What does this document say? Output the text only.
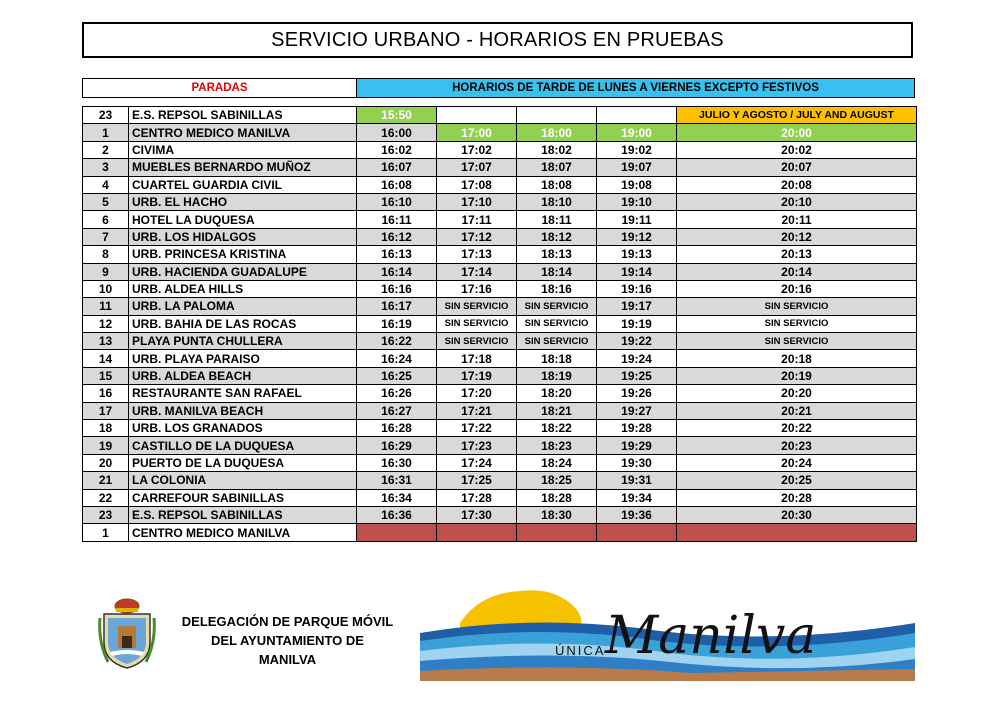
SERVICIO URBANO - HORARIOS EN PRUEBAS
PARADAS	HORARIOS DE TARDE DE LUNES A VIERNES EXCEPTO FESTIVOS
23	E.S. REPSOL SABINILLAS	15:50				JULIO Y AGOSTO / JULY AND AUGUST
1	CENTRO MEDICO MANILVA	16:00	17:00	18:00	19:00	20:00
2	CIVIMA	16:02	17:02	18:02	19:02	20:02
3	MUEBLES BERNARDO MUÑOZ	16:07	17:07	18:07	19:07	20:07
4	CUARTEL GUARDIA CIVIL	16:08	17:08	18:08	19:08	20:08
5	URB. EL HACHO	16:10	17:10	18:10	19:10	20:10
6	HOTEL LA DUQUESA	16:11	17:11	18:11	19:11	20:11
7	URB. LOS HIDALGOS	16:12	17:12	18:12	19:12	20:12
8	URB. PRINCESA KRISTINA	16:13	17:13	18:13	19:13	20:13
9	URB. HACIENDA GUADALUPE	16:14	17:14	18:14	19:14	20:14
10	URB. ALDEA HILLS	16:16	17:16	18:16	19:16	20:16
11	URB. LA PALOMA	16:17	SIN SERVICIO	SIN SERVICIO	19:17	SIN SERVICIO
12	URB. BAHIA DE LAS ROCAS	16:19	SIN SERVICIO	SIN SERVICIO	19:19	SIN SERVICIO
13	PLAYA PUNTA CHULLERA	16:22	SIN SERVICIO	SIN SERVICIO	19:22	SIN SERVICIO
14	URB. PLAYA PARAISO	16:24	17:18	18:18	19:24	20:18
15	URB. ALDEA BEACH	16:25	17:19	18:19	19:25	20:19
16	RESTAURANTE SAN RAFAEL	16:26	17:20	18:20	19:26	20:20
17	URB. MANILVA BEACH	16:27	17:21	18:21	19:27	20:21
18	URB. LOS GRANADOS	16:28	17:22	18:22	19:28	20:22
19	CASTILLO DE LA DUQUESA	16:29	17:23	18:23	19:29	20:23
20	PUERTO DE LA DUQUESA	16:30	17:24	18:24	19:30	20:24
21	LA COLONIA	16:31	17:25	18:25	19:31	20:25
22	CARREFOUR SABINILLAS	16:34	17:28	18:28	19:34	20:28
23	E.S. REPSOL SABINILLAS	16:36	17:30	18:30	19:36	20:30
1	CENTRO MEDICO MANILVA					
DELEGACIÓN DE PARQUE MÓVIL
DEL AYUNTAMIENTO DE
MANILVA
ÚNICA Manilva
